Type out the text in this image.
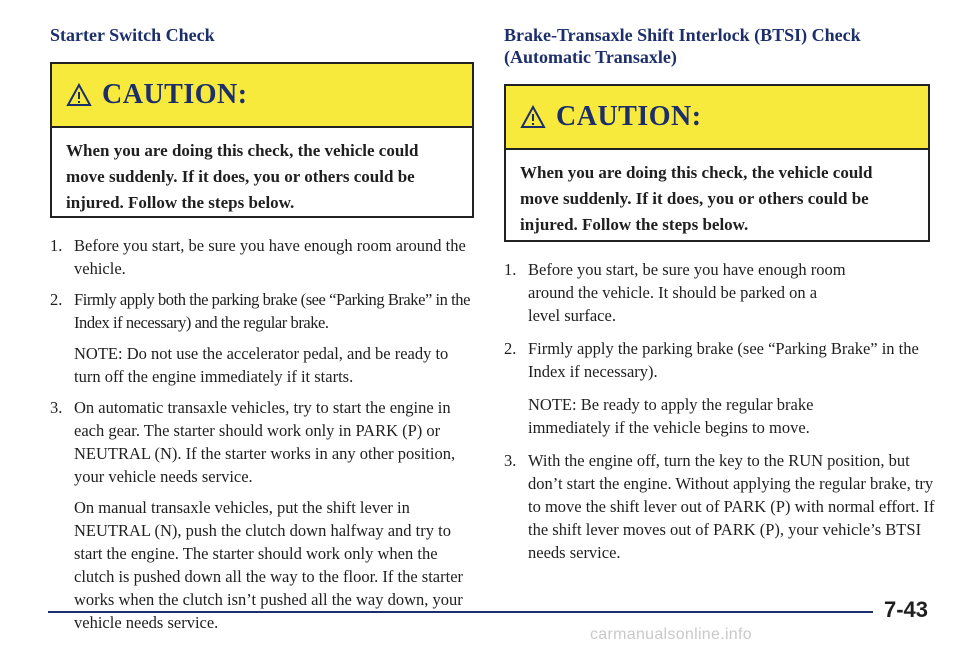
Starter Switch Check
CAUTION:
When you are doing this check, the vehicle could move suddenly. If it does, you or others could be injured. Follow the steps below.
1. Before you start, be sure you have enough room around the vehicle.
2. Firmly apply both the parking brake (see “Parking Brake” in the Index if necessary) and the regular brake.
NOTE: Do not use the accelerator pedal, and be ready to turn off the engine immediately if it starts.
3. On automatic transaxle vehicles, try to start the engine in each gear. The starter should work only in PARK (P) or NEUTRAL (N). If the starter works in any other position, your vehicle needs service.
On manual transaxle vehicles, put the shift lever in NEUTRAL (N), push the clutch down halfway and try to start the engine. The starter should work only when the clutch is pushed down all the way to the floor. If the starter works when the clutch isn’t pushed all the way down, your vehicle needs service.
Brake-Transaxle Shift Interlock (BTSI) Check
(Automatic Transaxle)
CAUTION:
When you are doing this check, the vehicle could move suddenly. If it does, you or others could be injured. Follow the steps below.
1. Before you start, be sure you have enough room around the vehicle. It should be parked on a level surface.
2. Firmly apply the parking brake (see “Parking Brake” in the Index if necessary).
NOTE: Be ready to apply the regular brake immediately if the vehicle begins to move.
3. With the engine off, turn the key to the RUN position, but don’t start the engine. Without applying the regular brake, try to move the shift lever out of PARK (P) with normal effort. If the shift lever moves out of PARK (P), your vehicle’s BTSI needs service.
7-43
carmanualsonline.info
